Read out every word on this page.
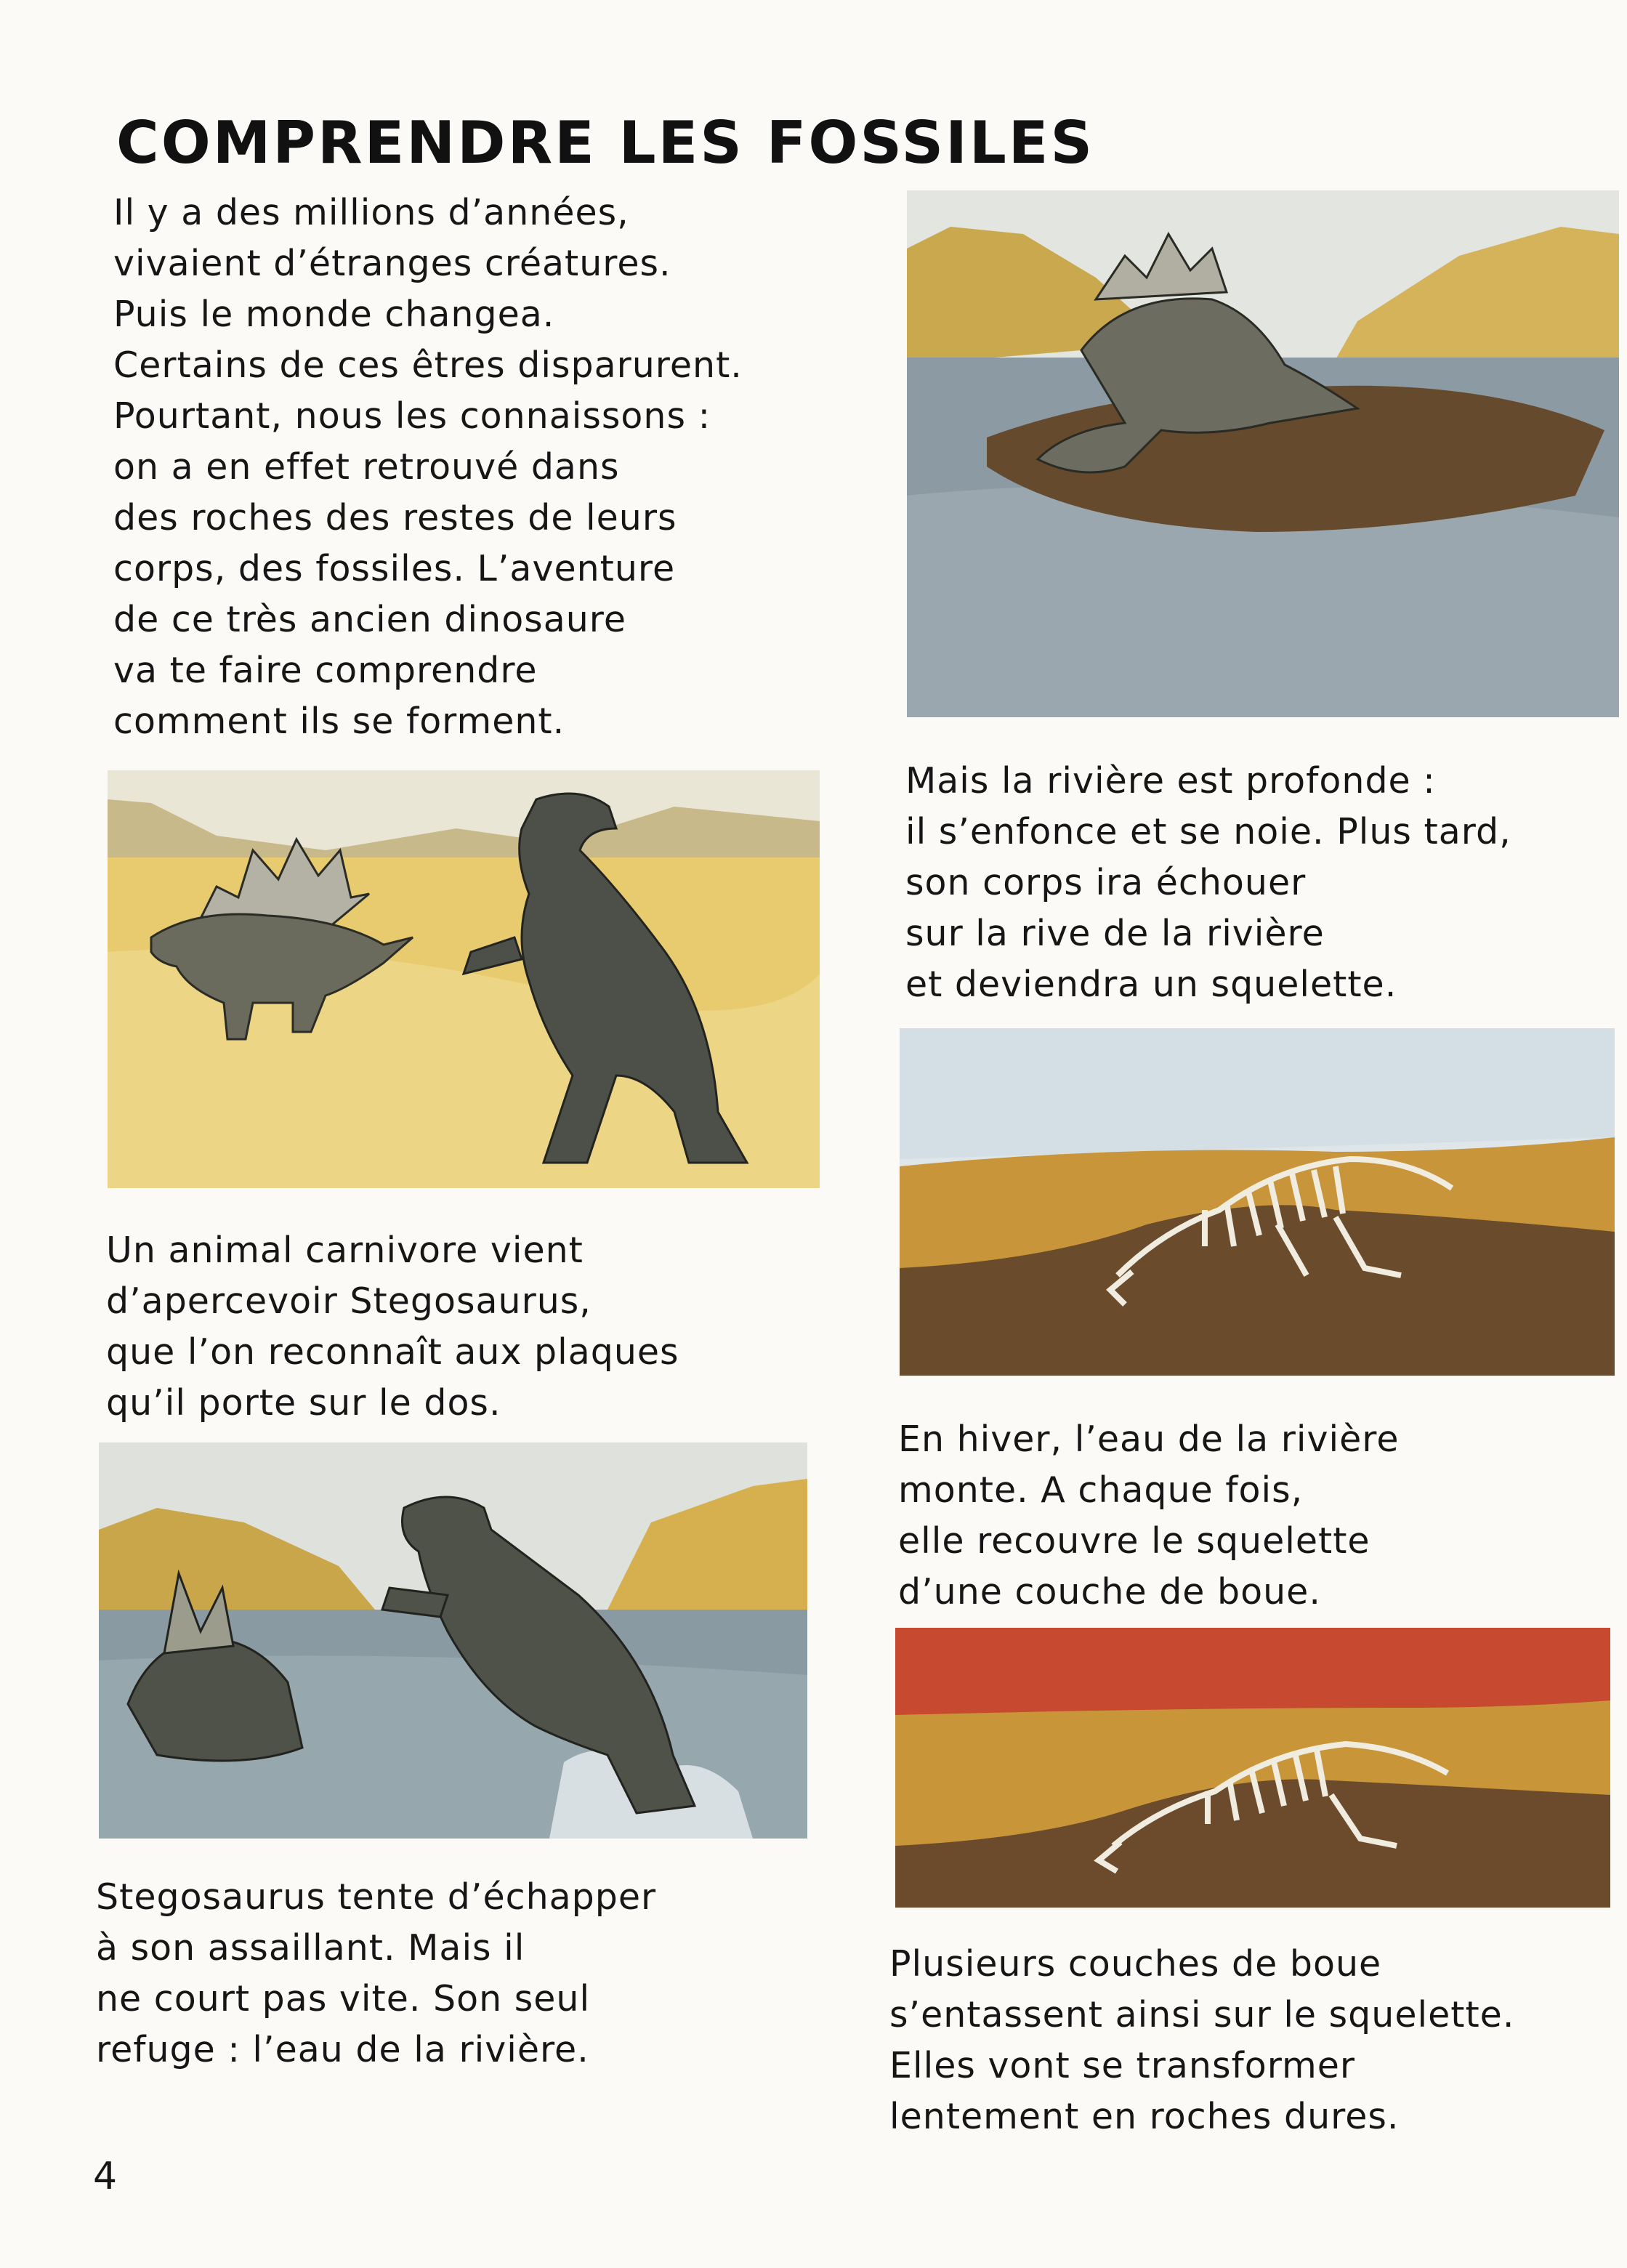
COMPRENDRE LES FOSSILES
Il y a des millions d’années,
vivaient d’étranges créatures.
Puis le monde changea.
Certains de ces êtres disparurent.
Pourtant, nous les connaissons :
on a en effet retrouvé dans
des roches des restes de leurs
corps, des fossiles. L’aventure
de ce très ancien dinosaure
va te faire comprendre
comment ils se forment.
Un animal carnivore vient
d’apercevoir Stegosaurus,
que l’on reconnaît aux plaques
qu’il porte sur le dos.
Stegosaurus tente d’échapper
à son assaillant. Mais il
ne court pas vite. Son seul
refuge : l’eau de la rivière.
Mais la rivière est profonde :
il s’enfonce et se noie. Plus tard,
son corps ira échouer
sur la rive de la rivière
et deviendra un squelette.
En hiver, l’eau de la rivière
monte. A chaque fois,
elle recouvre le squelette
d’une couche de boue.
Plusieurs couches de boue
s’entassent ainsi sur le squelette.
Elles vont se transformer
lentement en roches dures.
4
